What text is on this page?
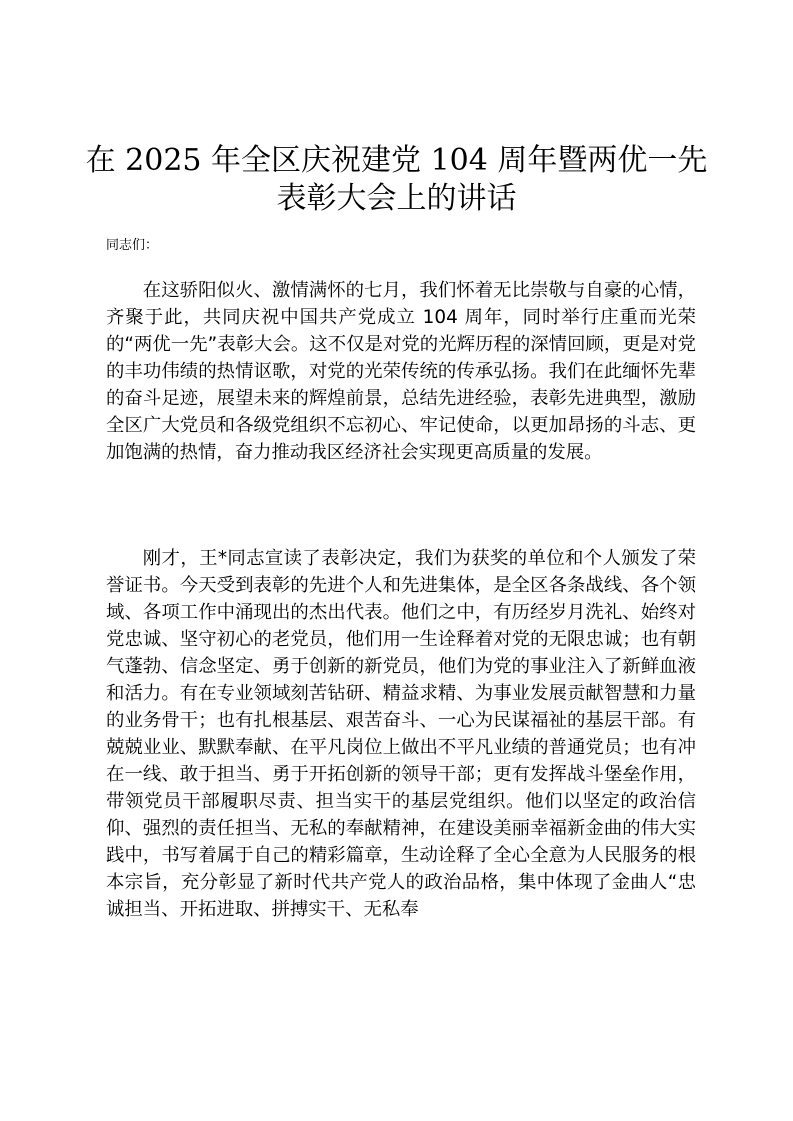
在 2025 年全区庆祝建党 104 周年暨两优一先
表彰大会上的讲话

同志们：

在这骄阳似火、激情满怀的七月，我们怀着无比崇敬与自豪的心情，齐聚于此，共同庆祝中国共产党成立 104 周年，同时举行庄重而光荣的“两优一先”表彰大会。这不仅是对党的光辉历程的深情回顾，更是对党的丰功伟绩的热情讴歌，对党的光荣传统的传承弘扬。我们在此缅怀先辈的奋斗足迹，展望未来的辉煌前景，总结先进经验，表彰先进典型，激励全区广大党员和各级党组织不忘初心、牢记使命，以更加昂扬的斗志、更加饱满的热情，奋力推动我区经济社会实现更高质量的发展。

刚才，王*同志宣读了表彰决定，我们为获奖的单位和个人颁发了荣誉证书。今天受到表彰的先进个人和先进集体，是全区各条战线、各个领域、各项工作中涌现出的杰出代表。他们之中，有历经岁月洗礼、始终对党忠诚、坚守初心的老党员，他们用一生诠释着对党的无限忠诚；也有朝气蓬勃、信念坚定、勇于创新的新党员，他们为党的事业注入了新鲜血液和活力。有在专业领域刻苦钻研、精益求精、为事业发展贡献智慧和力量的业务骨干；也有扎根基层、艰苦奋斗、一心为民谋福祉的基层干部。有兢兢业业、默默奉献、在平凡岗位上做出不平凡业绩的普通党员；也有冲在一线、敢于担当、勇于开拓创新的领导干部；更有发挥战斗堡垒作用，带领党员干部履职尽责、担当实干的基层党组织。他们以坚定的政治信仰、强烈的责任担当、无私的奉献精神，在建设美丽幸福新金曲的伟大实践中，书写着属于自己的精彩篇章，生动诠释了全心全意为人民服务的根本宗旨，充分彰显了新时代共产党人的政治品格，集中体现了金曲人“忠诚担当、开拓进取、拼搏实干、无私奉
